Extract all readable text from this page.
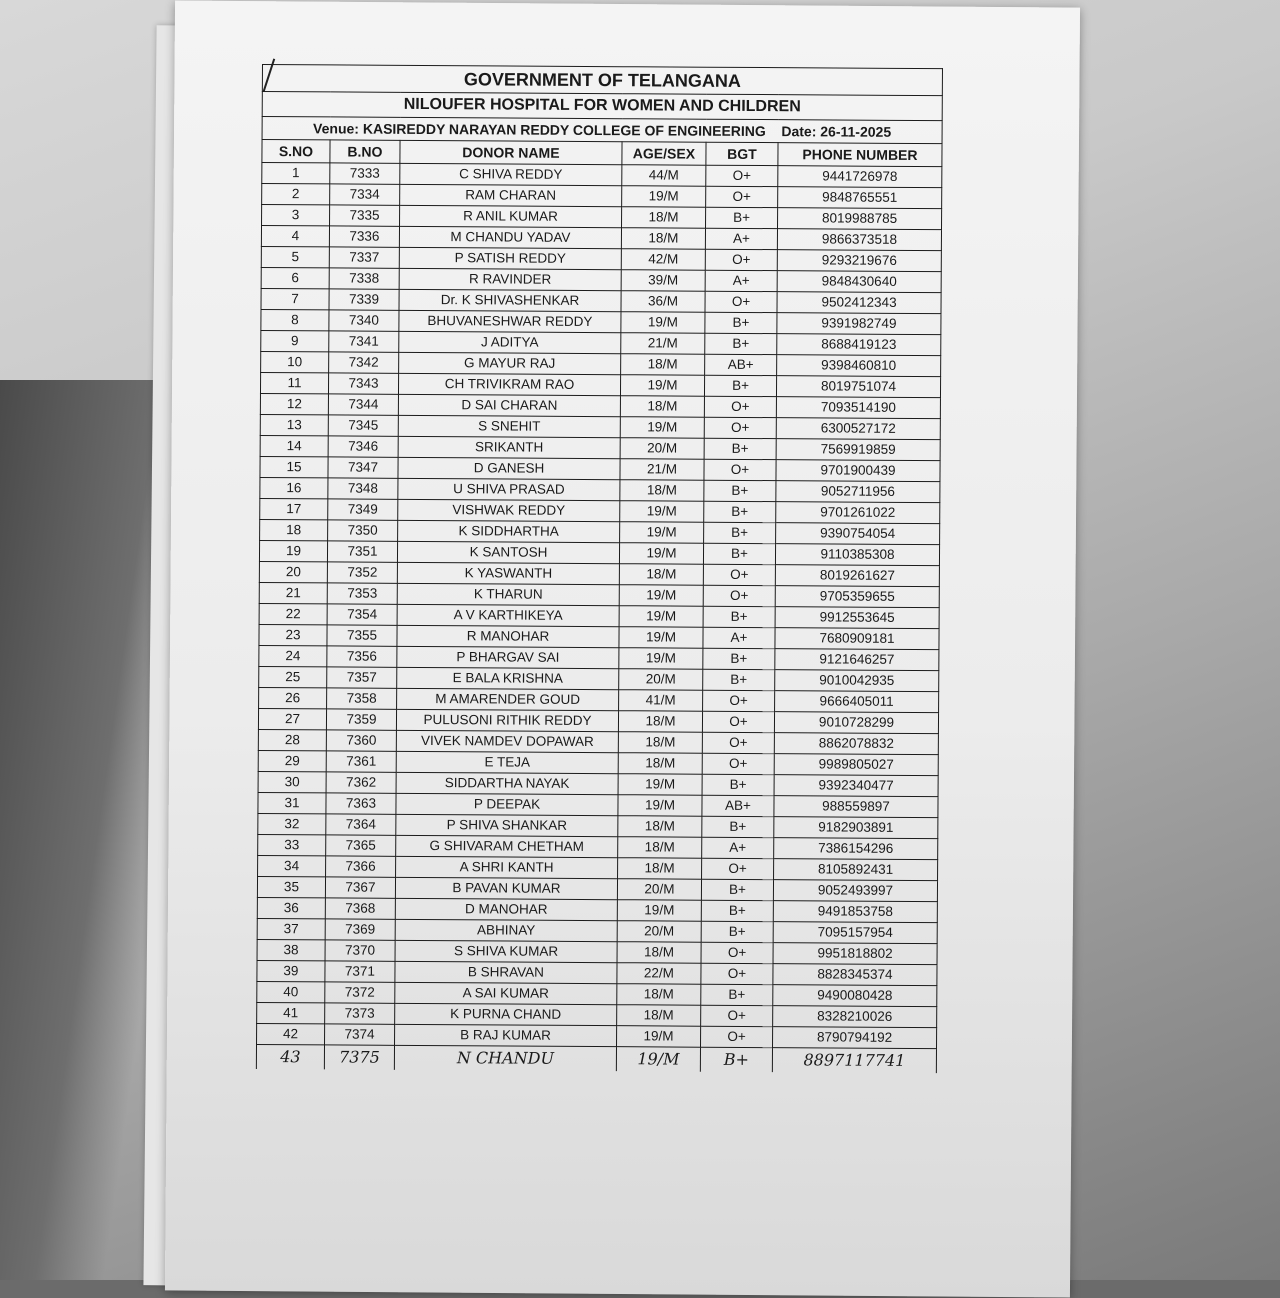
GOVERNMENT OF TELANGANA					
NILOUFER HOSPITAL FOR WOMEN AND CHILDREN					
Venue: KASIREDDY NARAYAN REDDY COLLEGE OF ENGINEERING Date: 26-11-2025					
S.NO	B.NO	DONOR NAME	AGE/SEX	BGT	PHONE NUMBER
1	7333	C SHIVA REDDY	44/M	O+	9441726978
2	7334	RAM CHARAN	19/M	O+	9848765551
3	7335	R ANIL KUMAR	18/M	B+	8019988785
4	7336	M CHANDU YADAV	18/M	A+	9866373518
5	7337	P SATISH REDDY	42/M	O+	9293219676
6	7338	R RAVINDER	39/M	A+	9848430640
7	7339	Dr. K SHIVASHENKAR	36/M	O+	9502412343
8	7340	BHUVANESHWAR REDDY	19/M	B+	9391982749
9	7341	J ADITYA	21/M	B+	8688419123
10	7342	G MAYUR RAJ	18/M	AB+	9398460810
11	7343	CH TRIVIKRAM RAO	19/M	B+	8019751074
12	7344	D SAI CHARAN	18/M	O+	7093514190
13	7345	S SNEHIT	19/M	O+	6300527172
14	7346	SRIKANTH	20/M	B+	7569919859
15	7347	D GANESH	21/M	O+	9701900439
16	7348	U SHIVA PRASAD	18/M	B+	9052711956
17	7349	VISHWAK REDDY	19/M	B+	9701261022
18	7350	K SIDDHARTHA	19/M	B+	9390754054
19	7351	K SANTOSH	19/M	B+	9110385308
20	7352	K YASWANTH	18/M	O+	8019261627
21	7353	K THARUN	19/M	O+	9705359655
22	7354	A V KARTHIKEYA	19/M	B+	9912553645
23	7355	R MANOHAR	19/M	A+	7680909181
24	7356	P BHARGAV SAI	19/M	B+	9121646257
25	7357	E BALA KRISHNA	20/M	B+	9010042935
26	7358	M AMARENDER GOUD	41/M	O+	9666405011
27	7359	PULUSONI RITHIK REDDY	18/M	O+	9010728299
28	7360	VIVEK NAMDEV DOPAWAR	18/M	O+	8862078832
29	7361	E TEJA	18/M	O+	9989805027
30	7362	SIDDARTHA NAYAK	19/M	B+	9392340477
31	7363	P DEEPAK	19/M	AB+	988559897
32	7364	P SHIVA SHANKAR	18/M	B+	9182903891
33	7365	G SHIVARAM CHETHAM	18/M	A+	7386154296
34	7366	A SHRI KANTH	18/M	O+	8105892431
35	7367	B PAVAN KUMAR	20/M	B+	9052493997
36	7368	D MANOHAR	19/M	B+	9491853758
37	7369	ABHINAY	20/M	B+	7095157954
38	7370	S SHIVA KUMAR	18/M	O+	9951818802
39	7371	B SHRAVAN	22/M	O+	8828345374
40	7372	A SAI KUMAR	18/M	B+	9490080428
41	7373	K PURNA CHAND	18/M	O+	8328210026
42	7374	B RAJ KUMAR	19/M	O+	8790794192
43	7375	N CHANDU	19/M	B+	8897117741
